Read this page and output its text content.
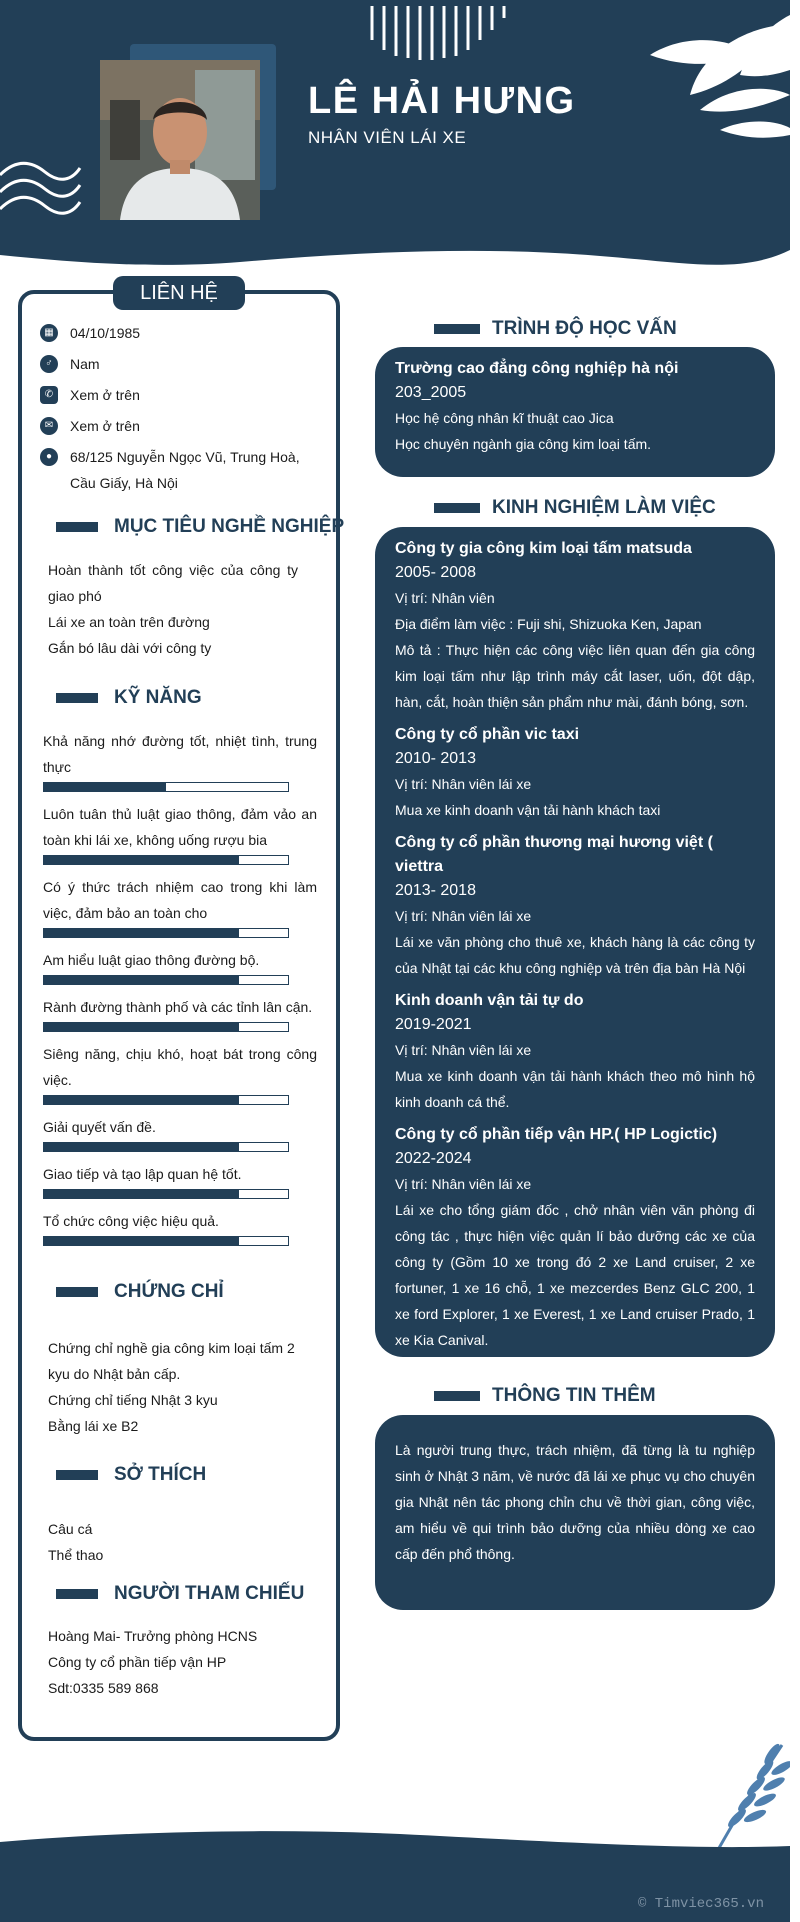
LÊ HẢI HƯNG
NHÂN VIÊN LÁI XE
LIÊN HỆ
▦	04/10/1985
♂	Nam
✆	Xem ở trên
✉	Xem ở trên
●	68/125 Nguyễn Ngọc Vũ, Trung Hoà, Cầu Giấy, Hà Nội
MỤC TIÊU NGHỀ NGHIỆP
Hoàn thành tốt công việc của công ty giao phó
Lái xe an toàn trên đường
Gắn bó lâu dài với công ty
KỸ NĂNG
Khả năng nhớ đường tốt, nhiệt tình, trung thực
Luôn tuân thủ luật giao thông, đảm vảo an toàn khi lái xe, không uống rượu bia
Có ý thức trách nhiệm cao trong khi làm việc, đảm bảo an toàn cho
Am hiểu luật giao thông đường bộ.
Rành đường thành phố và các tỉnh lân cận.
Siêng năng, chịu khó, hoạt bát trong công việc.
Giải quyết vấn đề.
Giao tiếp và tạo lập quan hệ tốt.
Tổ chức công việc hiệu quả.
CHỨNG CHỈ
Chứng chỉ nghề gia công kim loại tấm 2 kyu do Nhật bản cấp.
Chứng chỉ tiếng Nhật 3 kyu
Bằng lái xe B2
SỞ THÍCH
Câu cá
Thể thao
NGƯỜI THAM CHIẾU
Hoàng Mai- Trưởng phòng HCNS
Công ty cổ phần tiếp vận HP
Sdt:0335 589 868
TRÌNH ĐỘ HỌC VẤN
Trường cao đẳng công nghiệp hà nội
203_2005
Học hệ công nhân kĩ thuật cao Jica
Học chuyên ngành gia công kim loại tấm.
KINH NGHIỆM LÀM VIỆC
Công ty gia công kim loại tấm matsuda
2005- 2008
Vị trí: Nhân viên
Địa điểm làm việc : Fuji shi, Shizuoka Ken, Japan
Mô tả : Thực hiện các công việc liên quan đến gia công kim loại tấm như lập trình máy cắt laser, uốn, đột dập, hàn, cắt, hoàn thiện sản phẩm như mài, đánh bóng, sơn.
Công ty cổ phần vic taxi
2010- 2013
Vị trí: Nhân viên lái xe
Mua xe kinh doanh vận tải hành khách taxi
Công ty cổ phần thương mại hương việt ( viettra
2013- 2018
Vị trí: Nhân viên lái xe
Lái xe văn phòng cho thuê xe, khách hàng là các công ty của Nhật tại các khu công nghiệp và trên địa bàn Hà Nội
Kinh doanh vận tải tự do
2019-2021
Vị trí: Nhân viên lái xe
Mua xe kinh doanh vận tải hành khách theo mô hình hộ kinh doanh cá thể.
Công ty cổ phần tiếp vận HP.( HP Logictic)
2022-2024
Vị trí: Nhân viên lái xe
Lái xe cho tổng giám đốc , chở nhân viên văn phòng đi công tác , thực hiện việc quản lí bảo dưỡng các xe của công ty (Gồm 10 xe trong đó 2 xe Land cruiser, 2 xe fortuner, 1 xe 16 chỗ, 1 xe mezcerdes Benz GLC 200, 1 xe ford Explorer, 1 xe Everest, 1 xe Land cruiser Prado, 1 xe Kia Canival.
THÔNG TIN THÊM
Là người trung thực, trách nhiệm, đã từng là tu nghiệp sinh ở Nhật 3 năm, về nước đã lái xe phục vụ cho chuyên gia Nhật nên tác phong chỉn chu về thời gian, công việc, am hiểu về qui trình bảo dưỡng của nhiều dòng xe cao cấp đến phổ thông.
© Timviec365.vn
